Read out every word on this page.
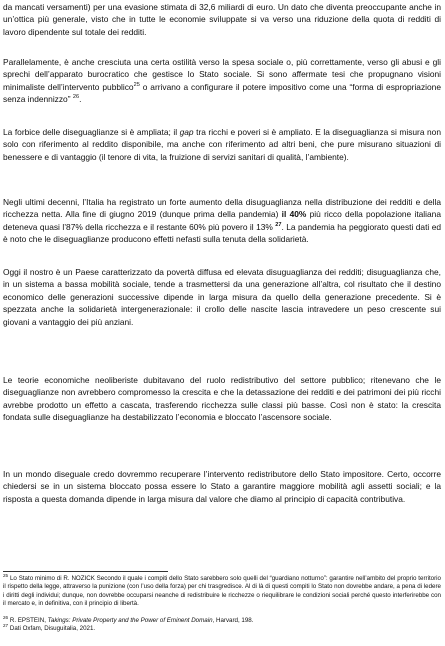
da mancati versamenti) per una evasione stimata di 32,6 miliardi di euro. Un dato che diventa preoccupante anche in un’ottica più generale, visto che in tutte le economie sviluppate si va verso una riduzione della quota di redditi di lavoro dipendente sul totale dei redditi.

Parallelamente, è anche cresciuta una certa ostilità verso la spesa sociale o, più correttamente, verso gli abusi e gli sprechi dell’apparato burocratico che gestisce lo Stato sociale. Si sono affermate tesi che propugnano visioni minimaliste dell’intervento pubblico$^{25}$ o arrivano a configurare il potere impositivo come una “forma di espropriazione senza indennizzo” $^{26}$.

La forbice delle diseguaglianze si è ampliata; il gap tra ricchi e poveri si è ampliato. E la diseguaglianza si misura non solo con riferimento al reddito disponibile, ma anche con riferimento ad altri beni, che pure misurano situazioni di benessere e di vantaggio (il tenore di vita, la fruizione di servizi sanitari di qualità, l’ambiente).

Negli ultimi decenni, l’Italia ha registrato un forte aumento della disuguaglianza nella distribuzione dei redditi e della ricchezza netta. Alla fine di giugno 2019 (dunque prima della pandemia) il 40% più ricco della popolazione italiana deteneva quasi l’87% della ricchezza e il restante 60% più povero il 13% $^{27}$. La pandemia ha peggiorato questi dati ed è noto che le diseguaglianze producono effetti nefasti sulla tenuta della solidarietà.

Oggi il nostro è un Paese caratterizzato da povertà diffusa ed elevata disuguaglianza dei redditi; disuguaglianza che, in un sistema a bassa mobilità sociale, tende a trasmettersi da una generazione all’altra, col risultato che il destino economico delle generazioni successive dipende in larga misura da quello della generazione precedente. Si è spezzata anche la solidarietà intergenerazionale: il crollo delle nascite lascia intravedere un peso crescente sui giovani a vantaggio dei più anziani.

Le teorie economiche neoliberiste dubitavano del ruolo redistributivo del settore pubblico; ritenevano che le diseguaglianze non avrebbero compromesso la crescita e che la detassazione dei redditi e dei patrimoni dei più ricchi avrebbe prodotto un effetto a cascata, trasferendo ricchezza sulle classi più basse. Così non è stato: la crescita fondata sulle diseguaglianze ha destabilizzato l’economia e bloccato l’ascensore sociale.

In un mondo diseguale credo dovremmo recuperare l’intervento redistributore dello Stato impositore. Certo, occorre chiedersi se in un sistema bloccato possa essere lo Stato a garantire maggiore mobilità agli assetti sociali; e la risposta a questa domanda dipende in larga misura dal valore che diamo al principio di capacità contributiva.

$^{25}$ Lo Stato minimo di R. NOZICK Secondo il quale i compiti dello Stato sarebbero solo quelli del “guardiano notturno”: garantire nell’ambito del proprio territorio il rispetto della legge, attraverso la punizione (con l’uso della forza) per chi trasgredisce. Al di là di questi compiti lo Stato non dovrebbe andare, a pena di ledere i diritti degli individui; dunque, non dovrebbe occuparsi neanche di redistribuire le ricchezze o riequilibrare le condizioni sociali perché questo interferirebbe con il mercato e, in definitiva, con il principio di libertà.

$^{26}$ R. EPSTEIN, Takings: Private Property and the Power of Eminent Domain, Harvard, 198.

$^{27}$ Dati Oxfam, Disuguitalia, 2021.
